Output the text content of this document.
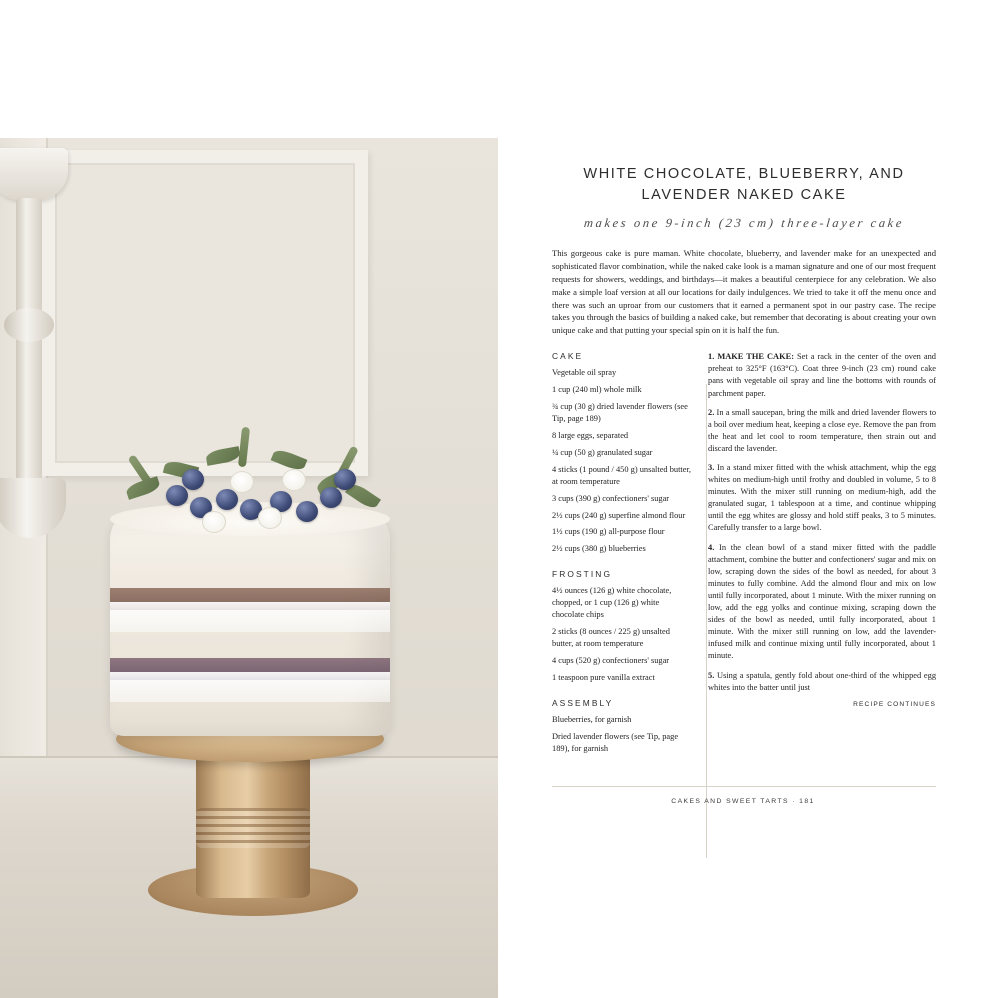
WHITE CHOCOLATE, BLUEBERRY, AND LAVENDER NAKED CAKE
makes one 9-inch (23 cm) three-layer cake
This gorgeous cake is pure maman. White chocolate, blueberry, and lavender make for an unexpected and sophisticated flavor combination, while the naked cake look is a maman signature and one of our most frequent requests for showers, weddings, and birthdays—it makes a beautiful centerpiece for any celebration. We also make a simple loaf version at all our locations for daily indulgences. We tried to take it off the menu once and there was such an uproar from our customers that it earned a permanent spot in our pastry case. The recipe takes you through the basics of building a naked cake, but remember that decorating is about creating your own unique cake and that putting your special spin on it is half the fun.
CAKE
Vegetable oil spray
1 cup (240 ml) whole milk
¾ cup (30 g) dried lavender flowers (see Tip, page 189)
8 large eggs, separated
¼ cup (50 g) granulated sugar
4 sticks (1 pound / 450 g) unsalted butter, at room temperature
3 cups (390 g) confectioners' sugar
2½ cups (240 g) superfine almond flour
1½ cups (190 g) all-purpose flour
2½ cups (380 g) blueberries
FROSTING
4½ ounces (126 g) white chocolate, chopped, or 1 cup (126 g) white chocolate chips
2 sticks (8 ounces / 225 g) unsalted butter, at room temperature
4 cups (520 g) confectioners' sugar
1 teaspoon pure vanilla extract
ASSEMBLY
Blueberries, for garnish
Dried lavender flowers (see Tip, page 189), for garnish
1. MAKE THE CAKE: Set a rack in the center of the oven and preheat to 325°F (163°C). Coat three 9-inch (23 cm) round cake pans with vegetable oil spray and line the bottoms with rounds of parchment paper.
2. In a small saucepan, bring the milk and dried lavender flowers to a boil over medium heat, keeping a close eye. Remove the pan from the heat and let cool to room temperature, then strain out and discard the lavender.
3. In a stand mixer fitted with the whisk attachment, whip the egg whites on medium-high until frothy and doubled in volume, 5 to 8 minutes. With the mixer still running on medium-high, add the granulated sugar, 1 tablespoon at a time, and continue whipping until the egg whites are glossy and hold stiff peaks, 3 to 5 minutes. Carefully transfer to a large bowl.
4. In the clean bowl of a stand mixer fitted with the paddle attachment, combine the butter and confectioners' sugar and mix on low, scraping down the sides of the bowl as needed, for about 3 minutes to fully combine. Add the almond flour and mix on low until fully incorporated, about 1 minute. With the mixer running on low, add the egg yolks and continue mixing, scraping down the sides of the bowl as needed, until fully incorporated, about 1 minute. With the mixer still running on low, add the lavender-infused milk and continue mixing until fully incorporated, about 1 minute.
5. Using a spatula, gently fold about one-third of the whipped egg whites into the batter until just
RECIPE CONTINUES
CAKES AND SWEET TARTS · 181
